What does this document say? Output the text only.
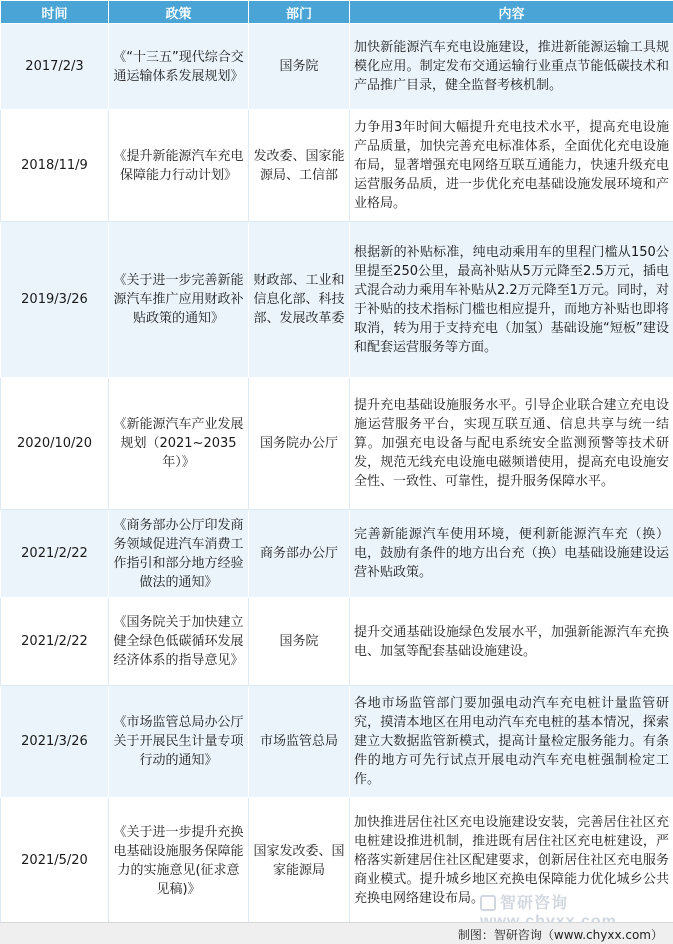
时间	政策	部门	内容
2017/2/3	《“十三五”现代综合交通运输体系发展规划》	国务院	加快新能源汽车充电设施建设，推进新能源运输工具规模化应用。制定发布交通运输行业重点节能低碳技术和产品推广目录，健全监督考核机制。
2018/11/9	《提升新能源汽车充电保障能力行动计划》	发改委、国家能源局、工信部	力争用3年时间大幅提升充电技术水平，提高充电设施产品质量，加快完善充电标准体系，全面优化充电设施布局，显著增强充电网络互联互通能力，快速升级充电运营服务品质，进一步优化充电基础设施发展环境和产业格局。
2019/3/26	《关于进一步完善新能源汽车推广应用财政补贴政策的通知》	财政部、工业和信息化部、科技部、发展改革委	根据新的补贴标准，纯电动乘用车的里程门槛从150公里提至250公里，最高补贴从5万元降至2.5万元，插电式混合动力乘用车补贴从2.2万元降至1万元。同时，对于补贴的技术指标门槛也相应提升，而地方补贴也即将取消，转为用于支持充电（加氢）基础设施“短板”建设和配套运营服务等方面。
2020/10/20	《新能源汽车产业发展规划（2021~2035年）》	国务院办公厅	提升充电基础设施服务水平。引导企业联合建立充电设施运营服务平台，实现互联互通、信息共享与统一结算。加强充电设备与配电系统安全监测预警等技术研发，规范无线充电设施电磁频谱使用，提高充电设施安全性、一致性、可靠性，提升服务保障水平。
2021/2/22	《商务部办公厅印发商务领域促进汽车消费工作指引和部分地方经验做法的通知》	商务部办公厅	完善新能源汽车使用环境，便利新能源汽车充（换）电，鼓励有条件的地方出台充（换）电基础设施建设运营补贴政策。
2021/2/22	《国务院关于加快建立健全绿色低碳循环发展经济体系的指导意见》	国务院	提升交通基础设施绿色发展水平，加强新能源汽车充换电、加氢等配套基础设施建设。
2021/3/26	《市场监管总局办公厅关于开展民生计量专项行动的通知》	市场监管总局	各地市场监管部门要加强电动汽车充电桩计量监管研究，摸清本地区在用电动汽车充电桩的基本情况，探索建立大数据监管新模式，提高计量检定服务能力。有条件的地方可先行试点开展电动汽车充电桩强制检定工作。
2021/5/20	《关于进一步提升充换电基础设施服务保障能力的实施意见(征求意见稿)》	国家发改委、国家能源局	加快推进居住社区充电设施建设安装，完善居住社区充电桩建设推进机制，推进既有居住社区充电桩建设，严格落实新建居住社区配建要求，创新居住社区充电服务商业模式。提升城乡地区充换电保障能力优化城乡公共充换电网络建设布局。 智研咨询
制图：智研咨询（www.chyxx.com）
